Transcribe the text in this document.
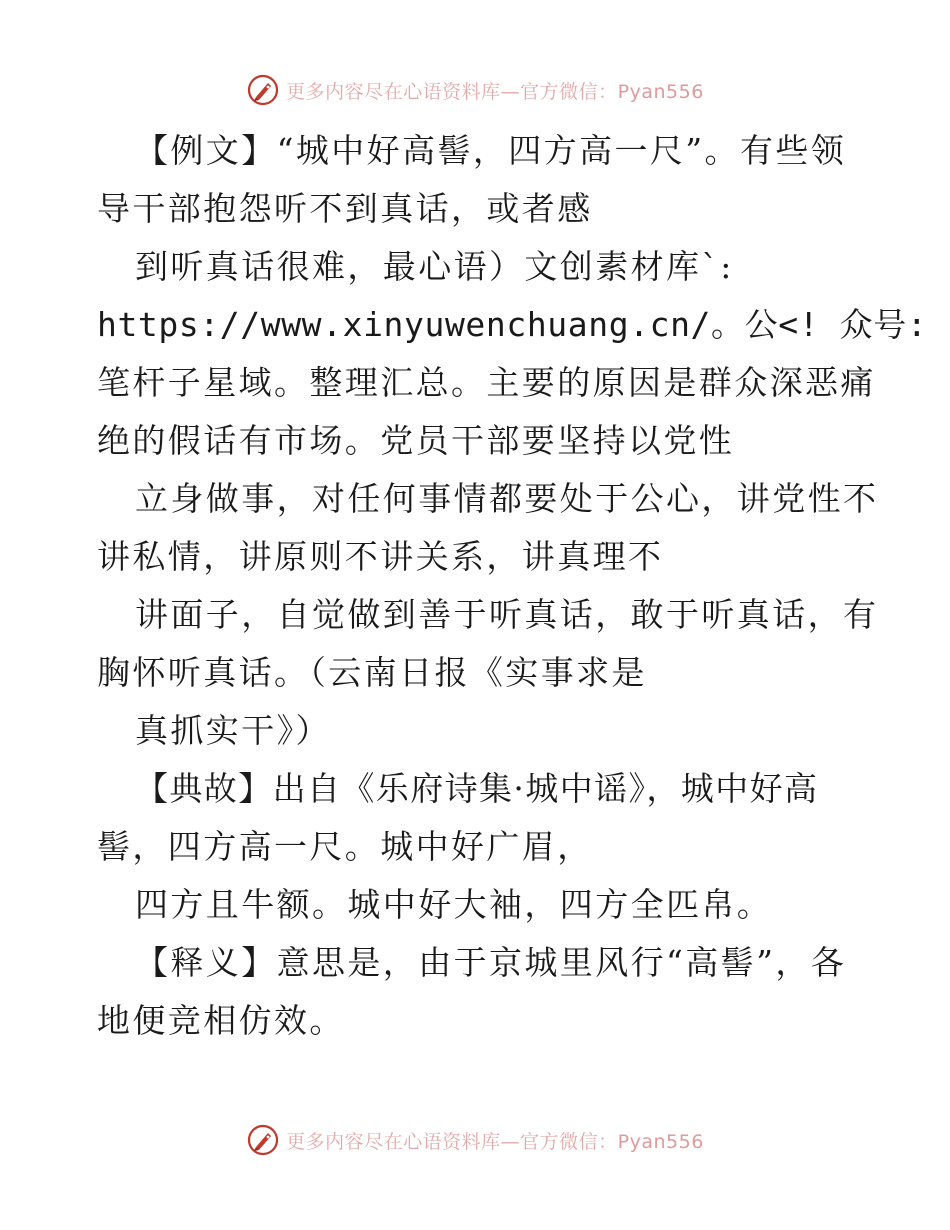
更多内容尽在心语资料库—官方微信：Pyan556
【例文】“城中好高髻，四方高一尺”。有些领
导干部抱怨听不到真话，或者感
到听真话很难，最心语）文创素材库ˋ:
https://www.xinyuwenchuang.cn/。公<! 众号:
笔杆子星域。整理汇总。主要的原因是群众深恶痛
绝的假话有市场。党员干部要坚持以党性
立身做事，对任何事情都要处于公心，讲党性不
讲私情，讲原则不讲关系，讲真理不
讲面子，自觉做到善于听真话，敢于听真话，有
胸怀听真话。（云南日报《实事求是
真抓实干》）
【典故】出自《乐府诗集·城中谣》，城中好高
髻，四方高一尺。城中好广眉，
四方且牛额。城中好大袖，四方全匹帛。
【释义】意思是，由于京城里风行“高髻”，各
地便竞相仿效。
更多内容尽在心语资料库—官方微信：Pyan556
